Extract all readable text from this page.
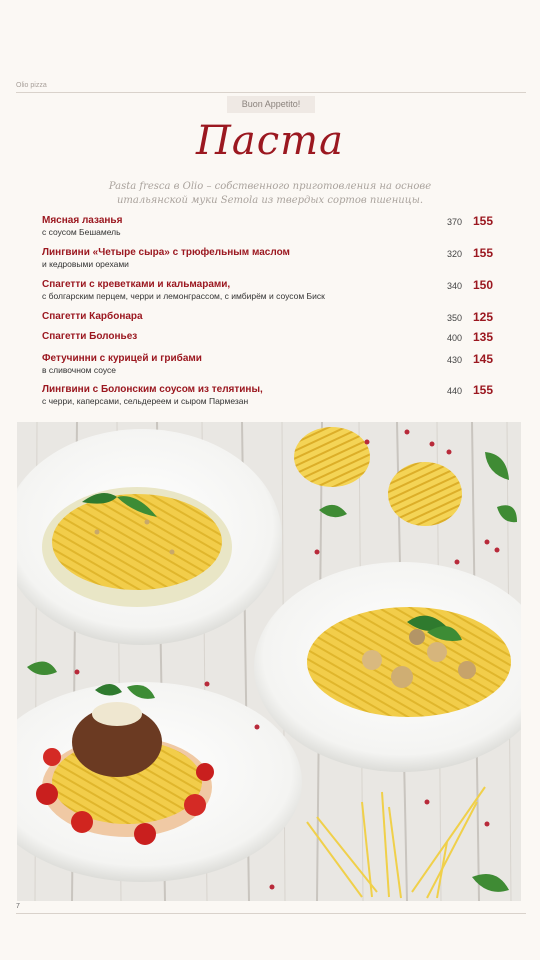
Olio pizza
Buon Appetito!
Паста
Pasta fresca в Olio – собственного приготовления на основе итальянской муки Semola из твердых сортов пшеницы.
Мясная лазанья
с соусом Бешамель
370 155
Лингвини «Четыре сыра» с трюфельным маслом
и кедровыми орехами
320 155
Спагетти с креветками и кальмарами,
с болгарским перцем, черри и лемонграссом, с имбирём и соусом Биск
340 150
Спагетти Карбонара	350 125
Спагетти Болоньез	400 135
Фетучинни с курицей и грибами
в сливочном соусе
430 145
Лингвини с Болонским соусом из телятины,
с черри, каперсами, сельдереем и сыром Пармезан
440 155
7
